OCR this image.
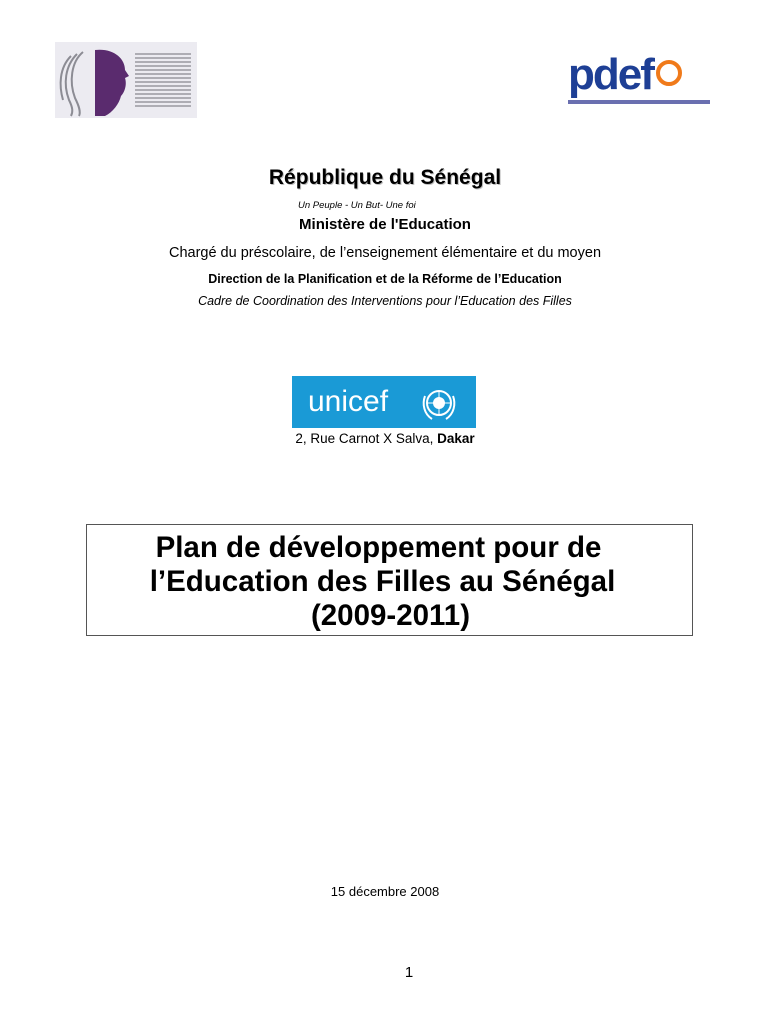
pdef
République du Sénégal
Un Peuple - Un But- Une foi
Ministère de l'Education
Chargé du préscolaire, de l’enseignement élémentaire et du moyen
Direction de la Planification et de la Réforme de l’Education
Cadre de Coordination des Interventions pour l’Education des Filles
unicef
2, Rue Carnot X Salva, Dakar
Plan de développement pour de
l’Education des Filles au Sénégal
(2009-2011)
15 décembre 2008
1
